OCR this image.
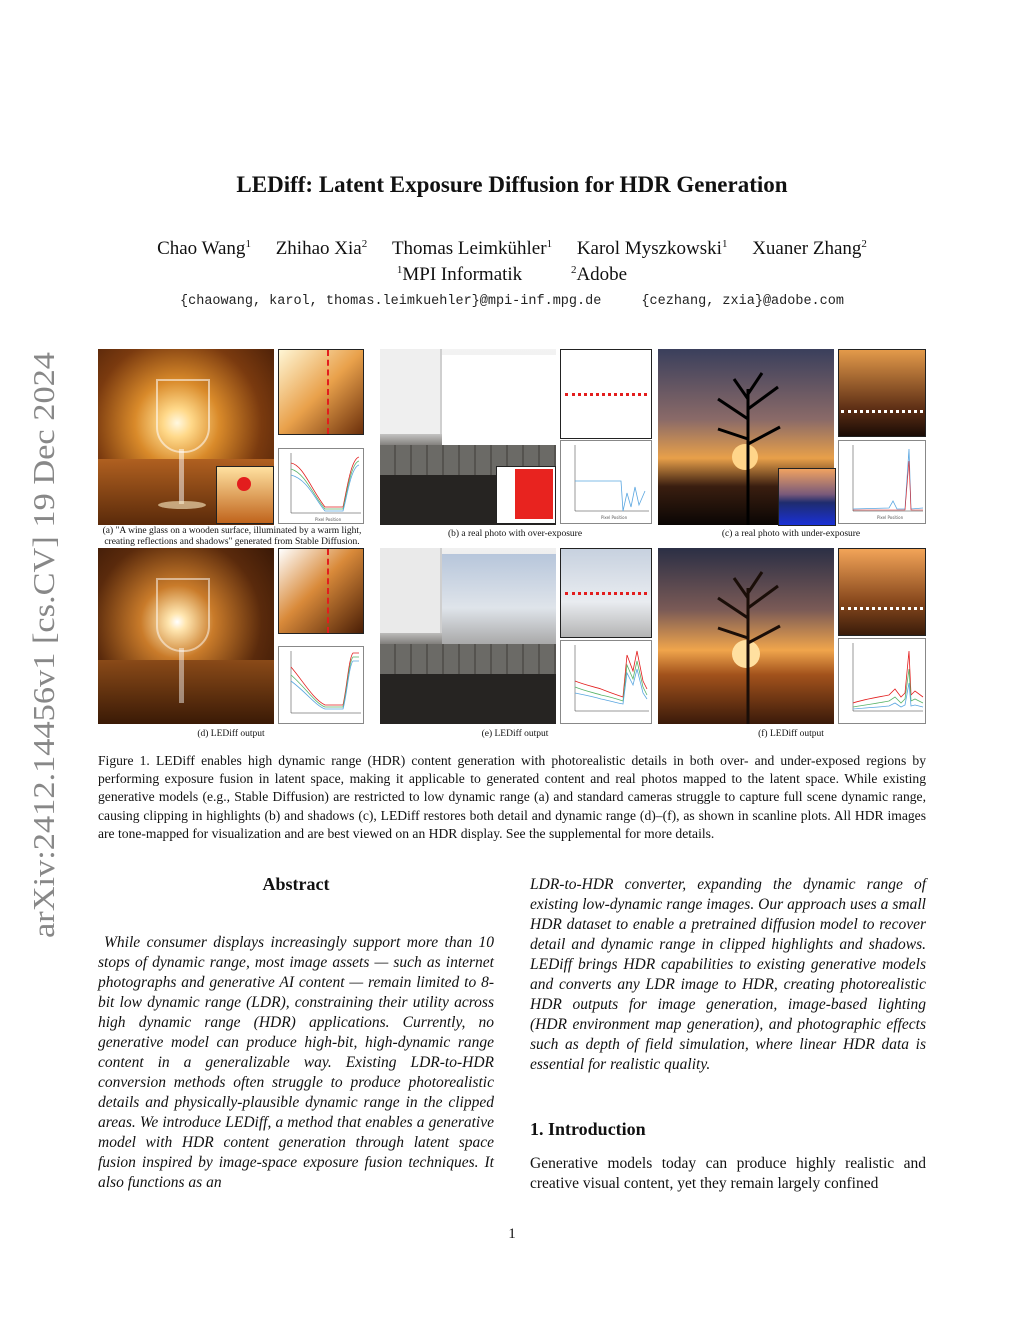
arXiv:2412.14456v1 [cs.CV] 19 Dec 2024
LEDiff: Latent Exposure Diffusion for HDR Generation
Chao Wang$^1$ Zhihao Xia$^2$ Thomas Leimkühler$^1$ Karol Myszkowski$^1$ Xuaner Zhang$^2$
$^1$MPI Informatik	$^2$Adobe
{chaowang, karol, thomas.leimkuehler}@mpi-inf.mpg.de	{cezhang, zxia}@adobe.com
Pixel Position
(a) "A wine glass on a wooden surface, illuminated by a warm light, creating reflections and shadows" generated from Stable Diffusion.
Pixel Position
(b) a real photo with over-exposure
Pixel Position
(c) a real photo with under-exposure
(d) LEDiff output	(e) LEDiff output	(f) LEDiff output
Figure 1. LEDiff enables high dynamic range (HDR) content generation with photorealistic details in both over- and under-exposed regions by performing exposure fusion in latent space, making it applicable to generated content and real photos mapped to the latent space. While existing generative models (e.g., Stable Diffusion) are restricted to low dynamic range (a) and standard cameras struggle to capture full scene dynamic range, causing clipping in highlights (b) and shadows (c), LEDiff restores both detail and dynamic range (d)–(f), as shown in scanline plots. All HDR images are tone-mapped for visualization and are best viewed on an HDR display. See the supplemental for more details.
Abstract
While consumer displays increasingly support more than 10 stops of dynamic range, most image assets — such as internet photographs and generative AI content — remain limited to 8-bit low dynamic range (LDR), constraining their utility across high dynamic range (HDR) applications. Currently, no generative model can produce high-bit, high-dynamic range content in a generalizable way. Existing LDR-to-HDR conversion methods often struggle to produce photorealistic details and physically-plausible dynamic range in the clipped areas. We introduce LEDiff, a method that enables a generative model with HDR content generation through latent space fusion inspired by image-space exposure fusion techniques. It also functions as an
LDR-to-HDR converter, expanding the dynamic range of existing low-dynamic range images. Our approach uses a small HDR dataset to enable a pretrained diffusion model to recover detail and dynamic range in clipped highlights and shadows. LEDiff brings HDR capabilities to existing generative models and converts any LDR image to HDR, creating photorealistic HDR outputs for image generation, image-based lighting (HDR environment map generation), and photographic effects such as depth of field simulation, where linear HDR data is essential for realistic quality.
1. Introduction
Generative models today can produce highly realistic and creative visual content, yet they remain largely confined
1
